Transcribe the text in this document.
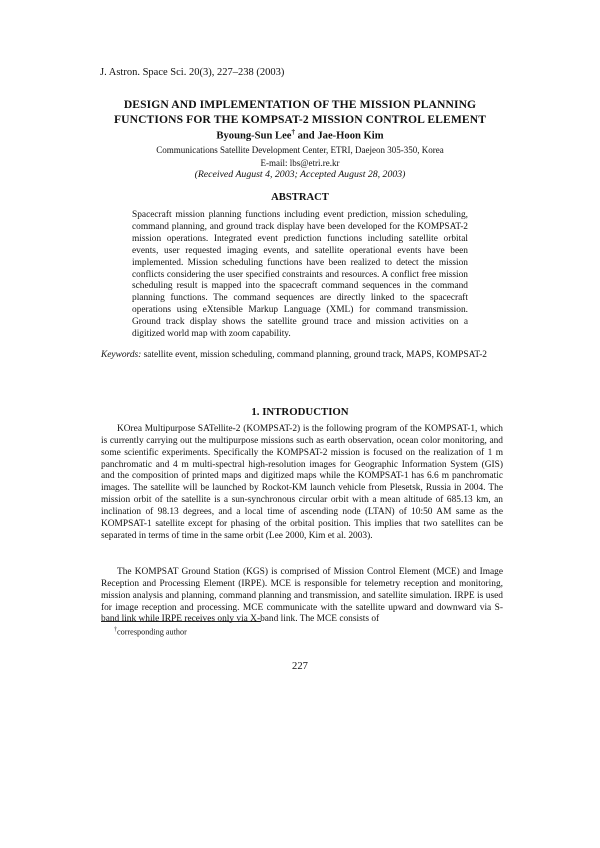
J. Astron. Space Sci. 20(3), 227–238 (2003)
DESIGN AND IMPLEMENTATION OF THE MISSION PLANNING FUNCTIONS FOR THE KOMPSAT-2 MISSION CONTROL ELEMENT
Byoung-Sun Lee† and Jae-Hoon Kim
Communications Satellite Development Center, ETRI, Daejeon 305-350, Korea
E-mail: lbs@etri.re.kr
(Received August 4, 2003; Accepted August 28, 2003)
ABSTRACT
Spacecraft mission planning functions including event prediction, mission scheduling, command planning, and ground track display have been developed for the KOMPSAT-2 mission operations. Integrated event prediction functions including satellite orbital events, user requested imaging events, and satellite operational events have been implemented. Mission scheduling functions have been realized to detect the mission conflicts considering the user specified constraints and resources. A conflict free mission scheduling result is mapped into the spacecraft command sequences in the command planning functions. The command sequences are directly linked to the spacecraft operations using eXtensible Markup Language (XML) for command transmission. Ground track display shows the satellite ground trace and mission activities on a digitized world map with zoom capability.
Keywords: satellite event, mission scheduling, command planning, ground track, MAPS, KOMPSAT-2
1. INTRODUCTION
KOrea Multipurpose SATellite-2 (KOMPSAT-2) is the following program of the KOMPSAT-1, which is currently carrying out the multipurpose missions such as earth observation, ocean color monitoring, and some scientific experiments. Specifically the KOMPSAT-2 mission is focused on the realization of 1 m panchromatic and 4 m multi-spectral high-resolution images for Geographic Information System (GIS) and the composition of printed maps and digitized maps while the KOMPSAT-1 has 6.6 m panchromatic images. The satellite will be launched by Rockot-KM launch vehicle from Plesetsk, Russia in 2004. The mission orbit of the satellite is a sun-synchronous circular orbit with a mean altitude of 685.13 km, an inclination of 98.13 degrees, and a local time of ascending node (LTAN) of 10:50 AM same as the KOMPSAT-1 satellite except for phasing of the orbital position. This implies that two satellites can be separated in terms of time in the same orbit (Lee 2000, Kim et al. 2003).
The KOMPSAT Ground Station (KGS) is comprised of Mission Control Element (MCE) and Image Reception and Processing Element (IRPE). MCE is responsible for telemetry reception and monitoring, mission analysis and planning, command planning and transmission, and satellite simulation. IRPE is used for image reception and processing. MCE communicate with the satellite upward and downward via S-band link while IRPE receives only via X-band link. The MCE consists of
†corresponding author
227
